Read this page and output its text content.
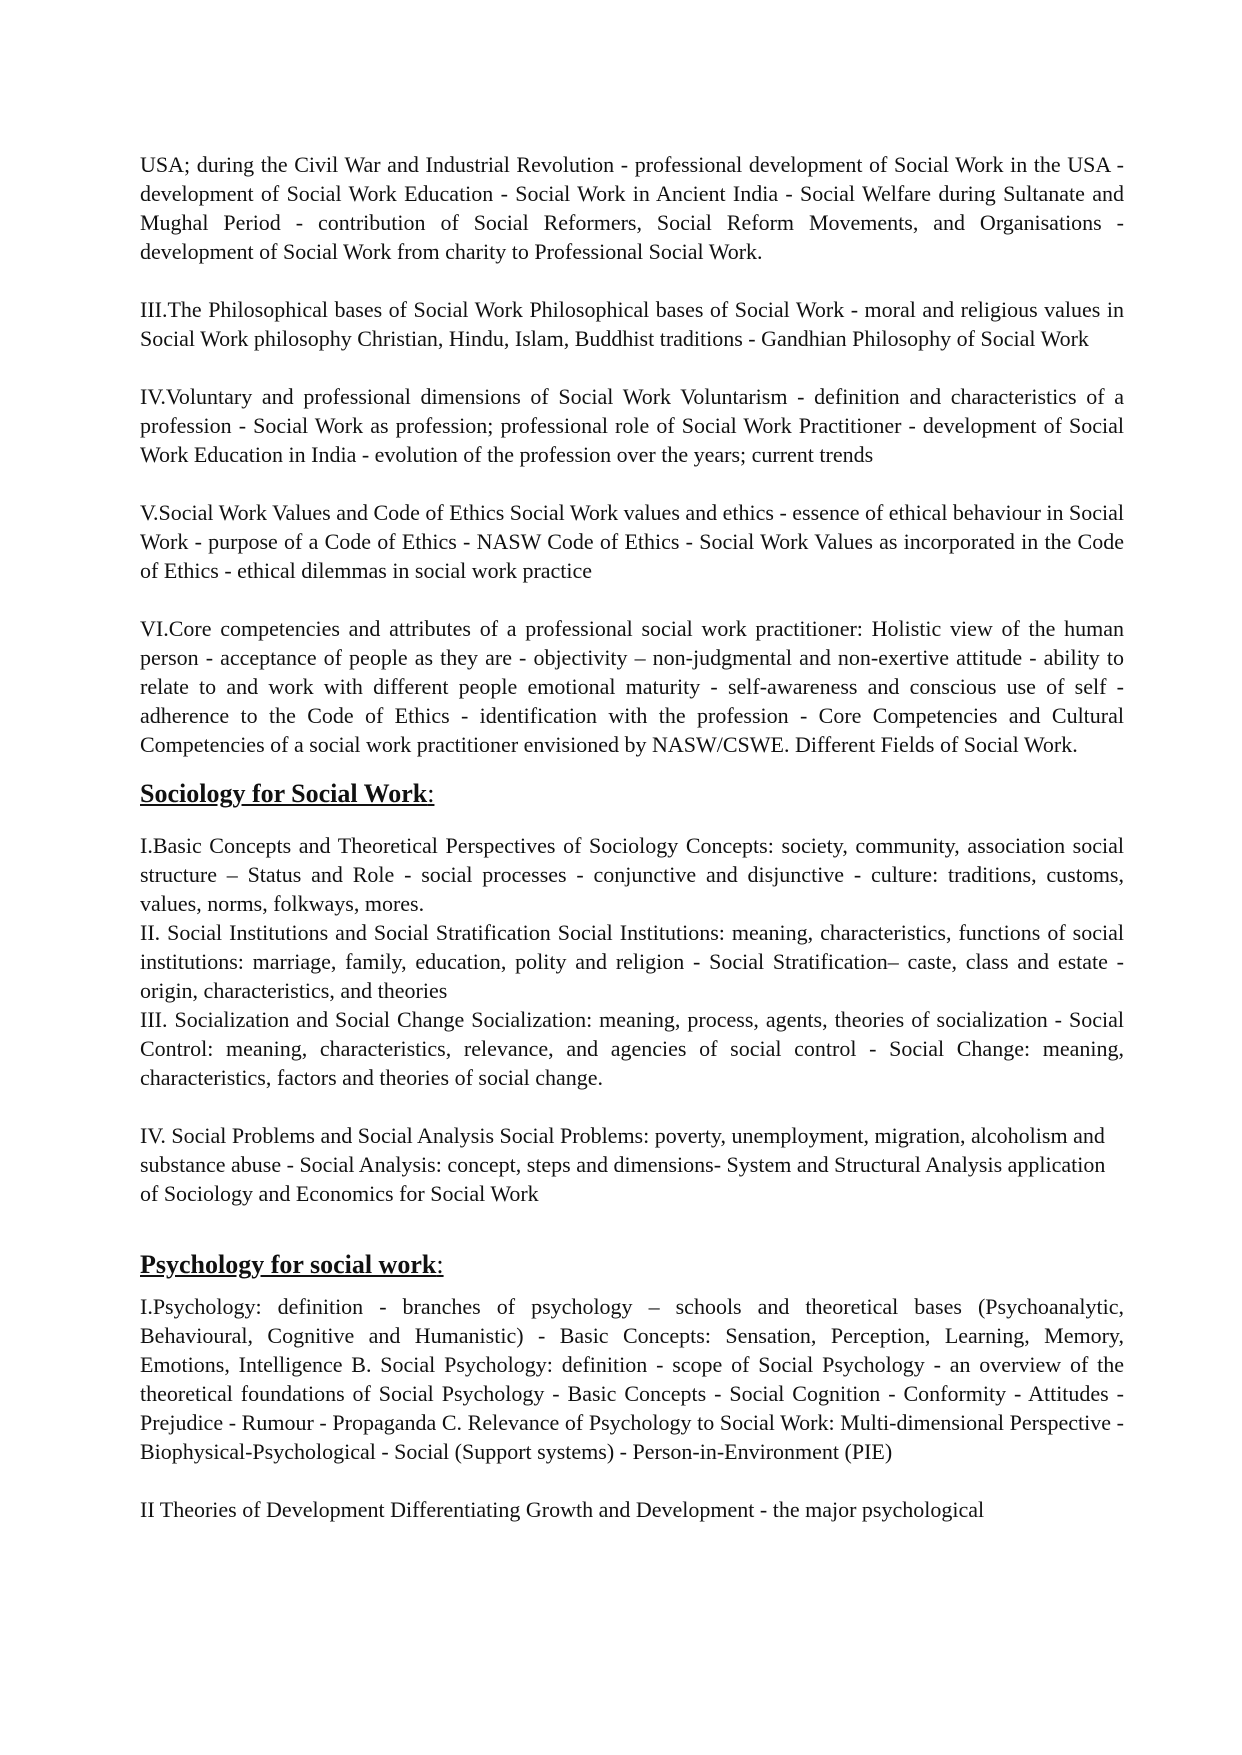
USA; during the Civil War and Industrial Revolution - professional development of Social Work in the USA - development of Social Work Education - Social Work in Ancient India - Social Welfare during Sultanate and Mughal Period - contribution of Social Reformers, Social Reform Movements, and Organisations - development of Social Work from charity to Professional Social Work.

III.The Philosophical bases of Social Work Philosophical bases of Social Work - moral and religious values in Social Work philosophy Christian, Hindu, Islam, Buddhist traditions - Gandhian Philosophy of Social Work

IV.Voluntary and professional dimensions of Social Work Voluntarism - definition and characteristics of a profession - Social Work as profession; professional role of Social Work Practitioner - development of Social Work Education in India - evolution of the profession over the years; current trends

V.Social Work Values and Code of Ethics Social Work values and ethics - essence of ethical behaviour in Social Work - purpose of a Code of Ethics - NASW Code of Ethics - Social Work Values as incorporated in the Code of Ethics - ethical dilemmas in social work practice

VI.Core competencies and attributes of a professional social work practitioner: Holistic view of the human person - acceptance of people as they are - objectivity – non-judgmental and non-exertive attitude - ability to relate to and work with different people emotional maturity - self-awareness and conscious use of self - adherence to the Code of Ethics - identification with the profession - Core Competencies and Cultural Competencies of a social work practitioner envisioned by NASW/CSWE. Different Fields of Social Work.

Sociology for Social Work:

I.Basic Concepts and Theoretical Perspectives of Sociology Concepts: society, community, association social structure – Status and Role - social processes - conjunctive and disjunctive - culture: traditions, customs, values, norms, folkways, mores.

II. Social Institutions and Social Stratification Social Institutions: meaning, characteristics, functions of social institutions: marriage, family, education, polity and religion - Social Stratification– caste, class and estate -origin, characteristics, and theories

III. Socialization and Social Change Socialization: meaning, process, agents, theories of socialization - Social Control: meaning, characteristics, relevance, and agencies of social control - Social Change: meaning, characteristics, factors and theories of social change.

IV. Social Problems and Social Analysis Social Problems: poverty, unemployment, migration, alcoholism and substance abuse - Social Analysis: concept, steps and dimensions- System and Structural Analysis application of Sociology and Economics for Social Work

Psychology for social work:

I.Psychology: definition - branches of psychology – schools and theoretical bases (Psychoanalytic, Behavioural, Cognitive and Humanistic) - Basic Concepts: Sensation, Perception, Learning, Memory, Emotions, Intelligence B. Social Psychology: definition - scope of Social Psychology - an overview of the theoretical foundations of Social Psychology - Basic Concepts - Social Cognition - Conformity - Attitudes - Prejudice - Rumour - Propaganda C. Relevance of Psychology to Social Work: Multi-dimensional Perspective - Biophysical-Psychological - Social (Support systems) - Person-in-Environment (PIE)

II Theories of Development Differentiating Growth and Development - the major psychological
